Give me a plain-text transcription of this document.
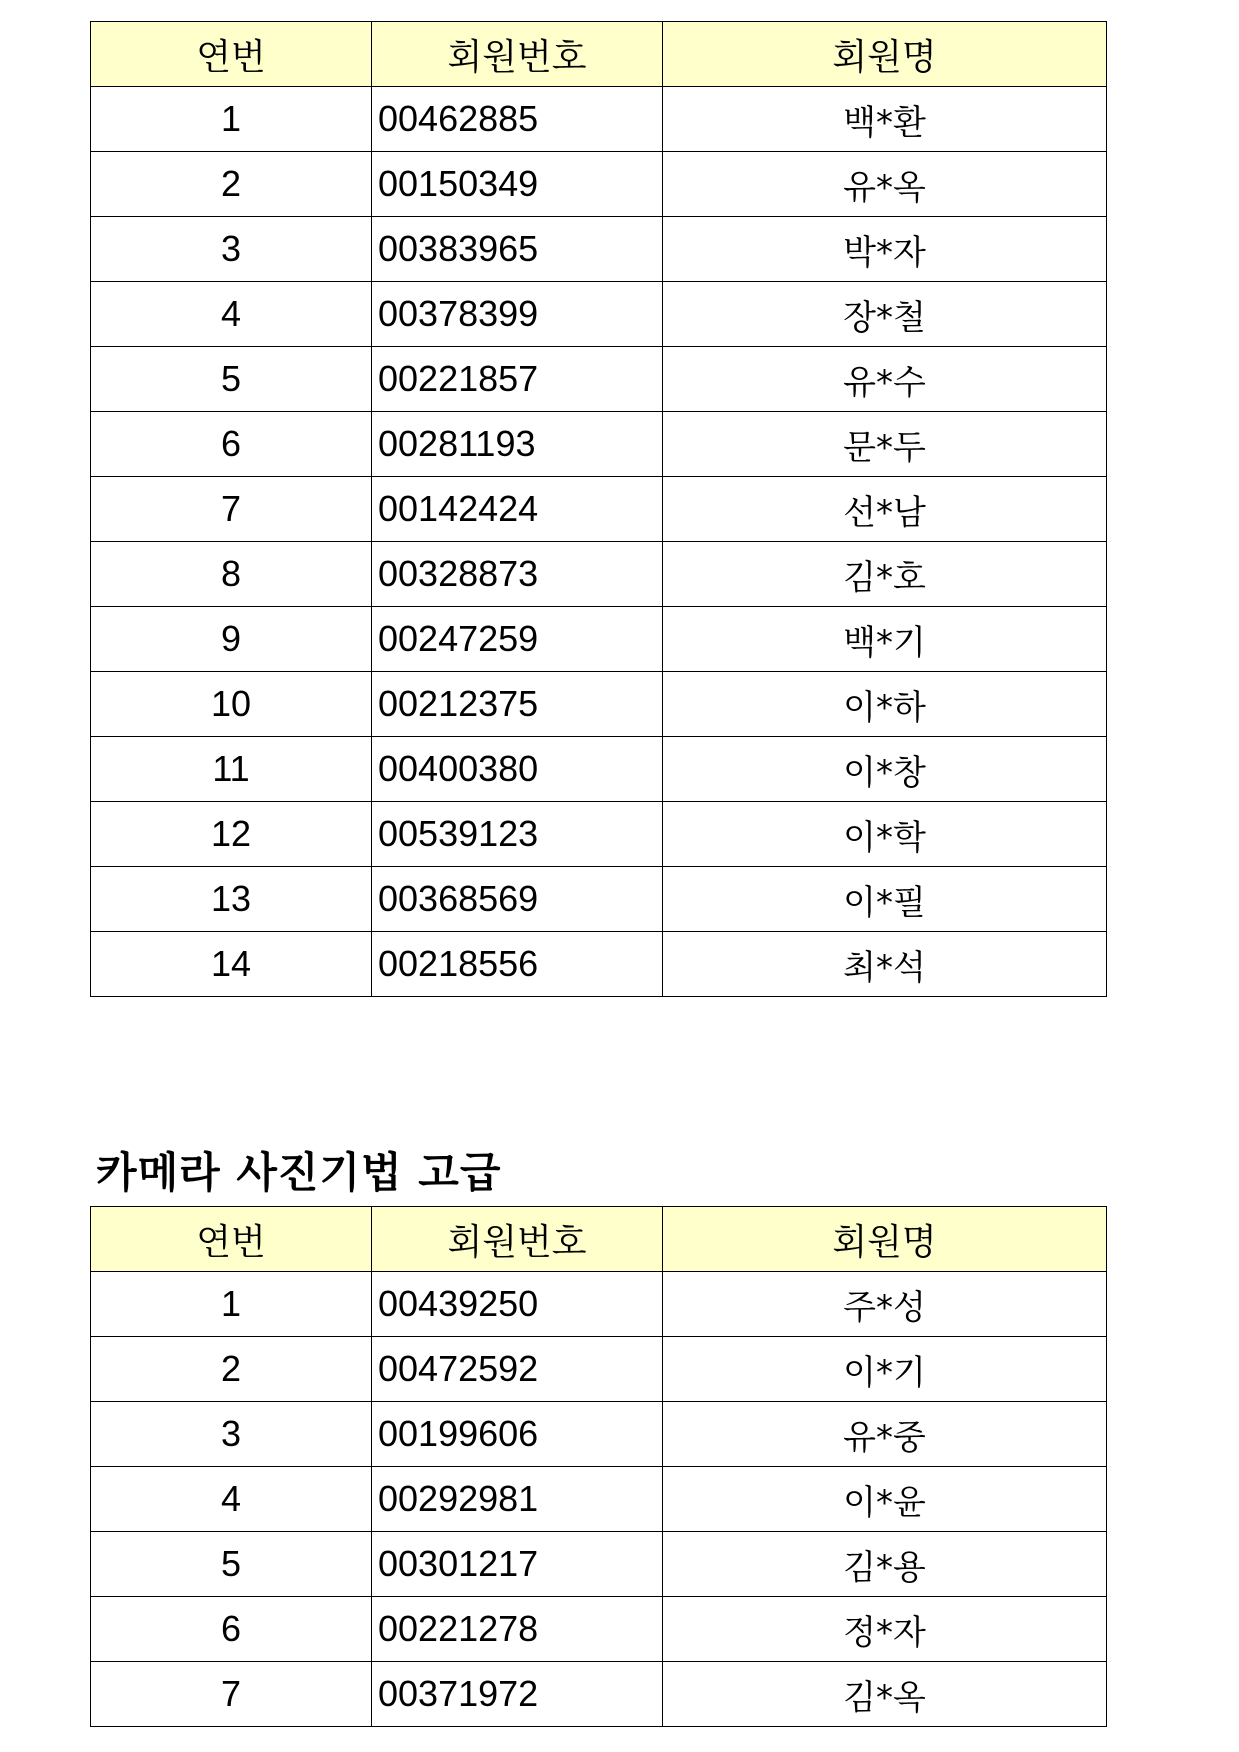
연번	회원번호	회원명
1	00462885	백*환
2	00150349	유*옥
3	00383965	박*자
4	00378399	장*철
5	00221857	유*수
6	00281193	문*두
7	00142424	선*남
8	00328873	김*호
9	00247259	백*기
10	00212375	이*하
11	00400380	이*창
12	00539123	이*학
13	00368569	이*필
14	00218556	최*석
카메라 사진기법 고급
연번	회원번호	회원명
1	00439250	주*성
2	00472592	이*기
3	00199606	유*중
4	00292981	이*윤
5	00301217	김*용
6	00221278	정*자
7	00371972	김*옥
